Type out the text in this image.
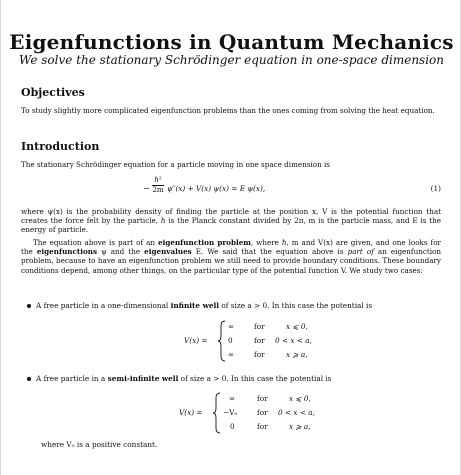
Eigenfunctions in Quantum Mechanics
We solve the stationary Schrödinger equation in one-space dimension
Objectives
To study slightly more complicated eigenfunction problems than the ones coming from solving the heat equation.
Introduction
The stationary Schrödinger equation for a particle moving in one space dimension is
−
ℏ²
2m ψ″(x) + V(x) ψ(x) = E ψ(x),	(1)
where ψ(x) is the probability density of finding the particle at the position x, V is the potential function that creates the force felt by the particle, ℏ is the Planck constant divided by 2π, m is the particle mass, and E is the energy of particle.
The equation above is part of an eigenfunction problem, where ℏ, m and V(x) are given, and one looks for the eigenfunctions ψ and the eigenvalues E. We said that the equation above is part of an eigenfunction problem, because to have an eigenfunction problem we still need to provide boundary conditions. These boundary conditions depend, among other things, on the particular type of the potential function V. We study two cases:
A free particle in a one-dimensional infinite well of size a > 0. In this case the potential is
V(x) =
∞	for	x ⩽ 0,
0	for 0 < x < a,
∞	for	x ⩾ a,
A free particle in a semi-infinite well of size a > 0. In this case the potential is
V(x) =
∞	for	x ⩽ 0,
−V₀	for 0 < x < a,
0	for	x ⩾ a,
where V₀ is a positive constant.
